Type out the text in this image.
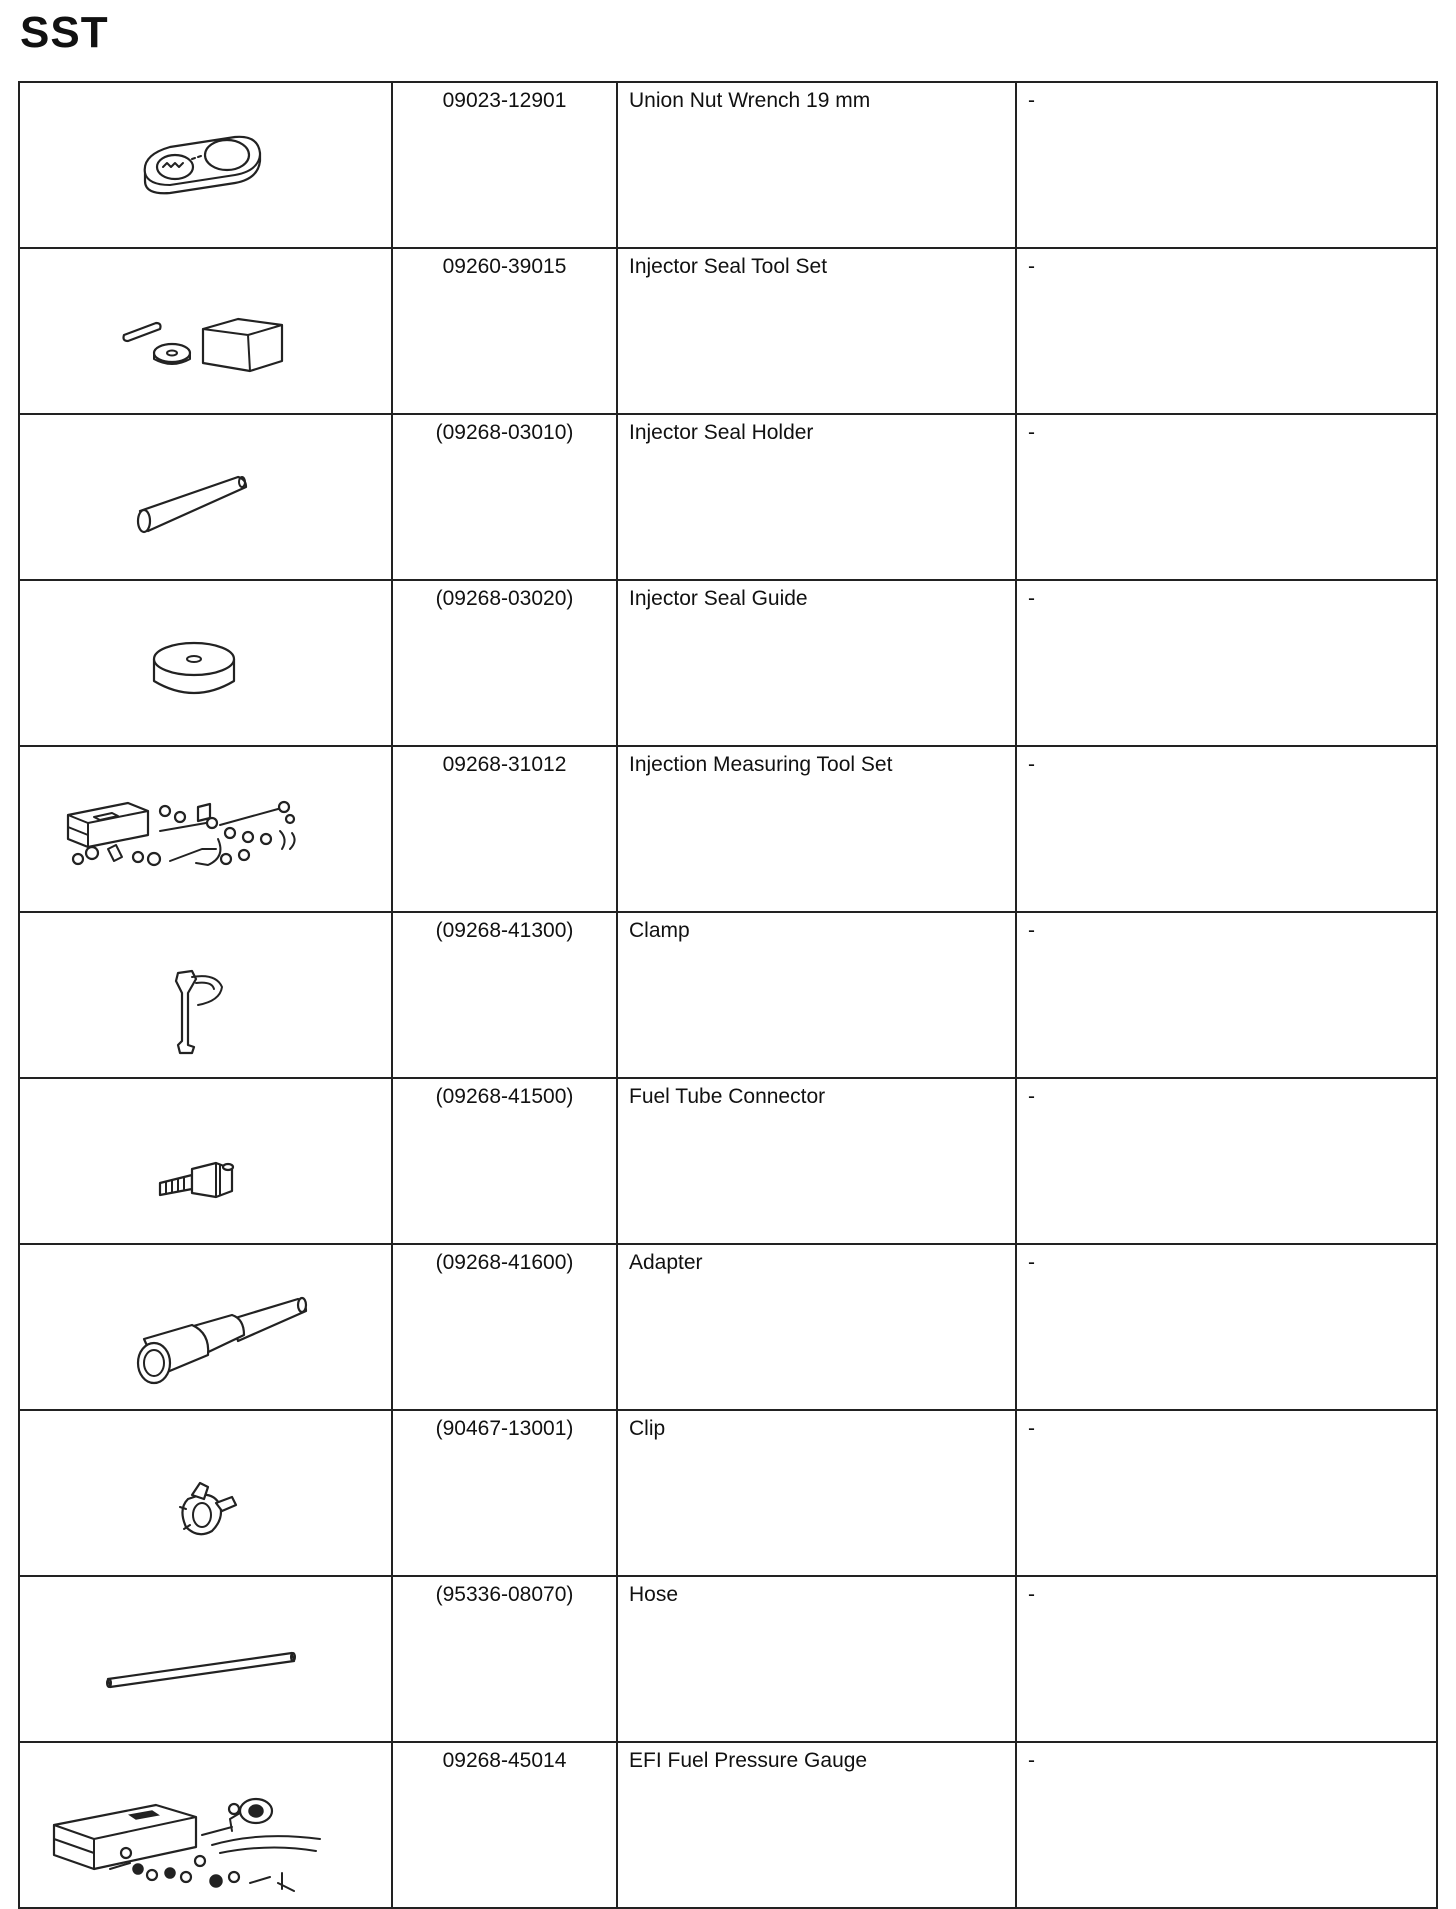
SST
	09023-12901	Union Nut Wrench 19 mm	-

	09260-39015	Injector Seal Tool Set	-

	(09268-03010)	Injector Seal Holder	-

	(09268-03020)	Injector Seal Guide	-

	09268-31012	Injection Measuring Tool Set	-

	(09268-41300)	Clamp	-

	(09268-41500)	Fuel Tube Connector	-

	(09268-41600)	Adapter	-

	(90467-13001)	Clip	-

	(95336-08070)	Hose	-

	09268-45014	EFI Fuel Pressure Gauge	-
